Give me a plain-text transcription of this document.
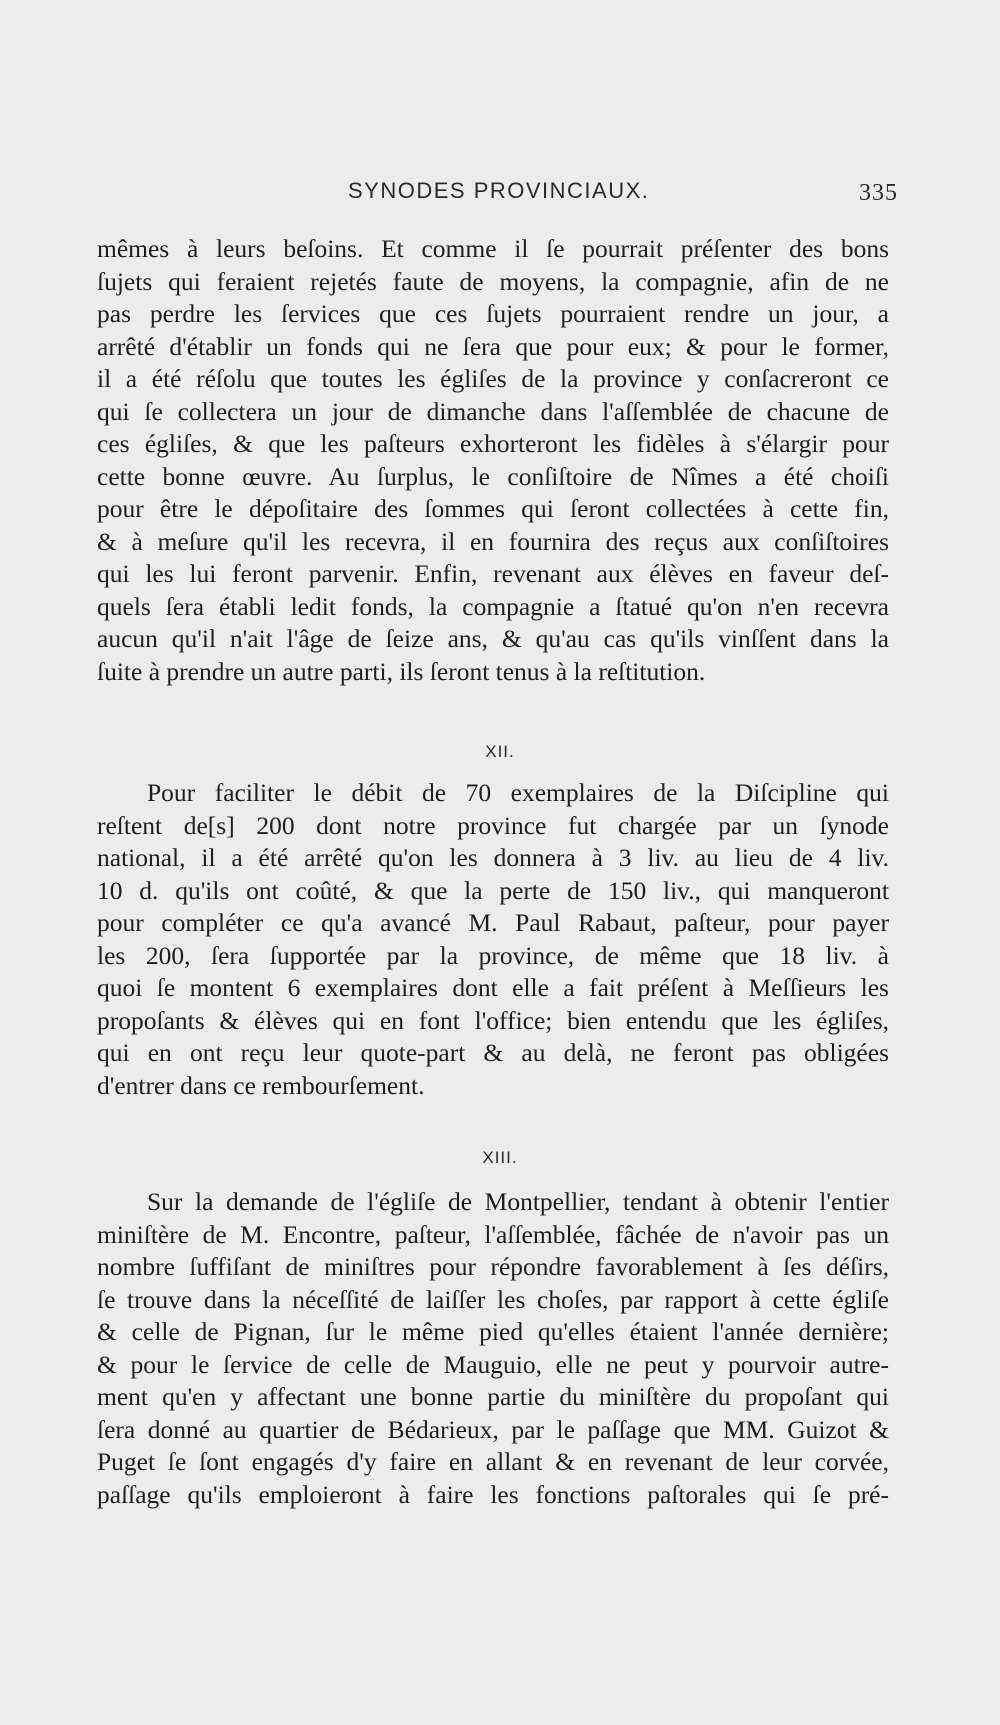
SYNODES PROVINCIAUX.	335
mêmes à leurs beſoins. Et comme il ſe pourrait préſenter des bons
ſujets qui feraient rejetés faute de moyens, la compagnie, afin de ne
pas perdre les ſervices que ces ſujets pourraient rendre un jour, a
arrêté d'établir un fonds qui ne ſera que pour eux; & pour le former,
il a été réſolu que toutes les égliſes de la province y conſacreront ce
qui ſe collectera un jour de dimanche dans l'aſſemblée de chacune de
ces égliſes, & que les paſteurs exhorteront les fidèles à s'élargir pour
cette bonne œuvre. Au ſurplus, le conſiſtoire de Nîmes a été choiſi
pour être le dépoſitaire des ſommes qui ſeront collectées à cette fin,
& à meſure qu'il les recevra, il en fournira des reçus aux conſiſtoires
qui les lui feront parvenir. Enfin, revenant aux élèves en faveur deſ-
quels ſera établi ledit fonds, la compagnie a ſtatué qu'on n'en recevra
aucun qu'il n'ait l'âge de ſeize ans, & qu'au cas qu'ils vinſſent dans la
ſuite à prendre un autre parti, ils ſeront tenus à la reſtitution.
XII.
Pour faciliter le débit de 70 exemplaires de la Diſcipline qui
reſtent de[s] 200 dont notre province fut chargée par un ſynode
national, il a été arrêté qu'on les donnera à 3 liv. au lieu de 4 liv.
10 d. qu'ils ont coûté, & que la perte de 150 liv., qui manqueront
pour compléter ce qu'a avancé M. Paul Rabaut, paſteur, pour payer
les 200, ſera ſupportée par la province, de même que 18 liv. à
quoi ſe montent 6 exemplaires dont elle a fait préſent à Meſſieurs les
propoſants & élèves qui en font l'office; bien entendu que les égliſes,
qui en ont reçu leur quote-part & au delà, ne feront pas obligées
d'entrer dans ce rembourſement.
XIII.
Sur la demande de l'égliſe de Montpellier, tendant à obtenir l'entier
miniſtère de M. Encontre, paſteur, l'aſſemblée, fâchée de n'avoir pas un
nombre ſuffiſant de miniſtres pour répondre favorablement à ſes déſirs,
ſe trouve dans la néceſſité de laiſſer les choſes, par rapport à cette égliſe
& celle de Pignan, ſur le même pied qu'elles étaient l'année dernière;
& pour le ſervice de celle de Mauguio, elle ne peut y pourvoir autre-
ment qu'en y affectant une bonne partie du miniſtère du propoſant qui
ſera donné au quartier de Bédarieux, par le paſſage que MM. Guizot &
Puget ſe ſont engagés d'y faire en allant & en revenant de leur corvée,
paſſage qu'ils emploieront à faire les fonctions paſtorales qui ſe pré-
